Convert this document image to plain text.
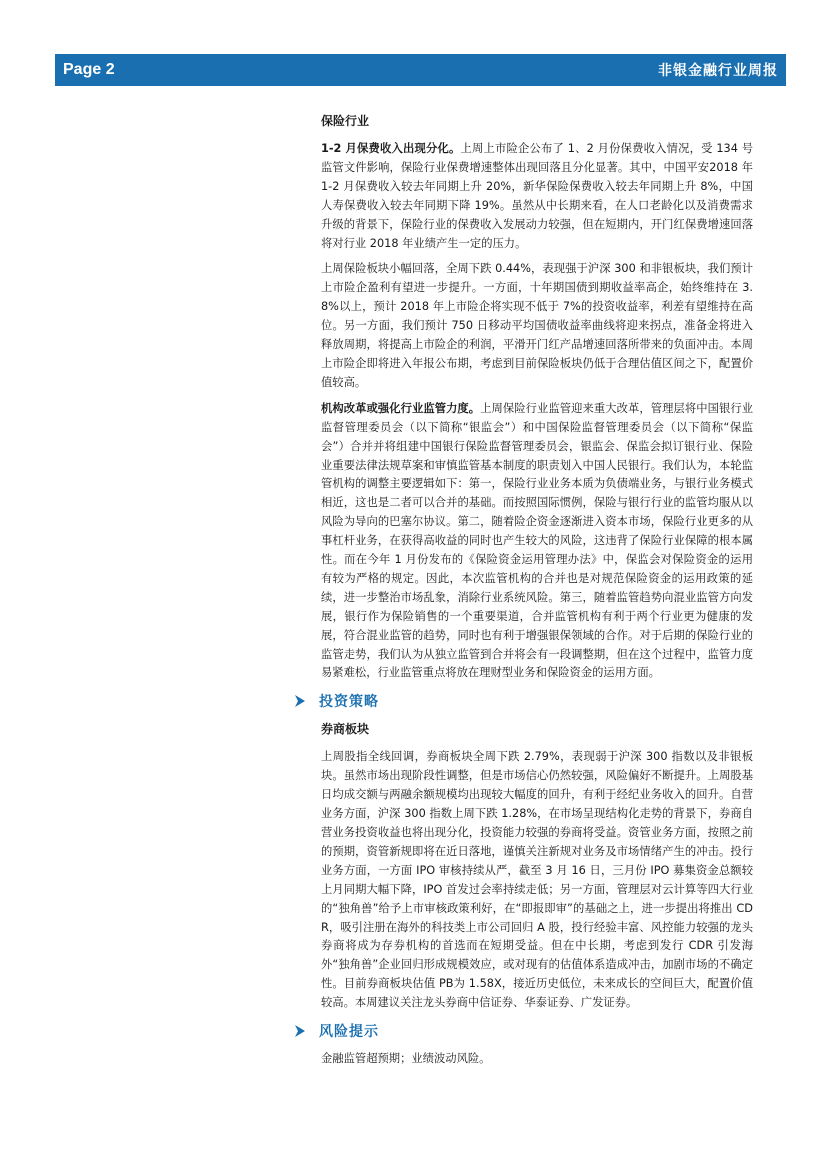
Page 2	非银金融行业周报
保险行业

1-2 月保费收入出现分化。上周上市险企公布了 1、2 月份保费收入情况，受 134 号监管文件影响，保险行业保费增速整体出现回落且分化显著。其中，中国平安2018 年 1-2 月保费收入较去年同期上升 20%，新华保险保费收入较去年同期上升 8%，中国人寿保费收入较去年同期下降 19%。虽然从中长期来看，在人口老龄化以及消费需求升级的背景下，保险行业的保费收入发展动力较强，但在短期内，开门红保费增速回落将对行业 2018 年业绩产生一定的压力。

上周保险板块小幅回落，全周下跌 0.44%，表现强于沪深 300 和非银板块，我们预计上市险企盈利有望进一步提升。一方面，十年期国债到期收益率高企，始终维持在 3.8%以上，预计 2018 年上市险企将实现不低于 7%的投资收益率，利差有望维持在高位。另一方面，我们预计 750 日移动平均国债收益率曲线将迎来拐点，准备金将进入释放周期，将提高上市险企的利润，平滑开门红产品增速回落所带来的负面冲击。本周上市险企即将进入年报公布期，考虑到目前保险板块仍低于合理估值区间之下，配置价值较高。

机构改革或强化行业监管力度。上周保险行业监管迎来重大改革，管理层将中国银行业监督管理委员会（以下简称“银监会”）和中国保险监督管理委员会（以下简称“保监会”）合并并将组建中国银行保险监督管理委员会，银监会、保监会拟订银行业、保险业重要法律法规草案和审慎监管基本制度的职责划入中国人民银行。我们认为，本轮监管机构的调整主要逻辑如下：第一，保险行业业务本质为负债端业务，与银行业务模式相近，这也是二者可以合并的基础。而按照国际惯例，保险与银行行业的监管均服从以风险为导向的巴塞尔协议。第二，随着险企资金逐渐进入资本市场，保险行业更多的从事杠杆业务，在获得高收益的同时也产生较大的风险，这违背了保险行业保障的根本属性。而在今年 1 月份发布的《保险资金运用管理办法》中，保监会对保险资金的运用有较为严格的规定。因此，本次监管机构的合并也是对规范保险资金的运用政策的延续，进一步整治市场乱象，消除行业系统风险。第三，随着监管趋势向混业监管方向发展，银行作为保险销售的一个重要渠道，合并监管机构有利于两个行业更为健康的发展，符合混业监管的趋势，同时也有利于增强银保领域的合作。对于后期的保险行业的监管走势，我们认为从独立监管到合并将会有一段调整期，但在这个过程中，监管力度易紧难松，行业监管重点将放在理财型业务和保险资金的运用方面。

投资策略
券商板块

上周股指全线回调，券商板块全周下跌 2.79%，表现弱于沪深 300 指数以及非银板块。虽然市场出现阶段性调整，但是市场信心仍然较强，风险偏好不断提升。上周股基日均成交额与两融余额规模均出现较大幅度的回升，有利于经纪业务收入的回升。自营业务方面，沪深 300 指数上周下跌 1.28%，在市场呈现结构化走势的背景下，券商自营业务投资收益也将出现分化，投资能力较强的券商将受益。资管业务方面，按照之前的预期，资管新规即将在近日落地，谨慎关注新规对业务及市场情绪产生的冲击。投行业务方面，一方面 IPO 审核持续从严，截至 3 月 16 日，三月份 IPO 募集资金总额较上月同期大幅下降，IPO 首发过会率持续走低；另一方面，管理层对云计算等四大行业的“独角兽”给予上市审核政策利好，在“即报即审”的基础之上，进一步提出将推出 CDR，吸引注册在海外的科技类上市公司回归 A 股，投行经验丰富、风控能力较强的龙头券商将成为存券机构的首选而在短期受益。但在中长期，考虑到发行 CDR 引发海外“独角兽”企业回归形成规模效应，或对现有的估值体系造成冲击，加剧市场的不确定性。目前券商板块估值 PB为 1.58X，接近历史低位，未来成长的空间巨大，配置价值较高。本周建议关注龙头券商中信证券、华泰证券、广发证券。

风险提示

金融监管超预期；业绩波动风险。
